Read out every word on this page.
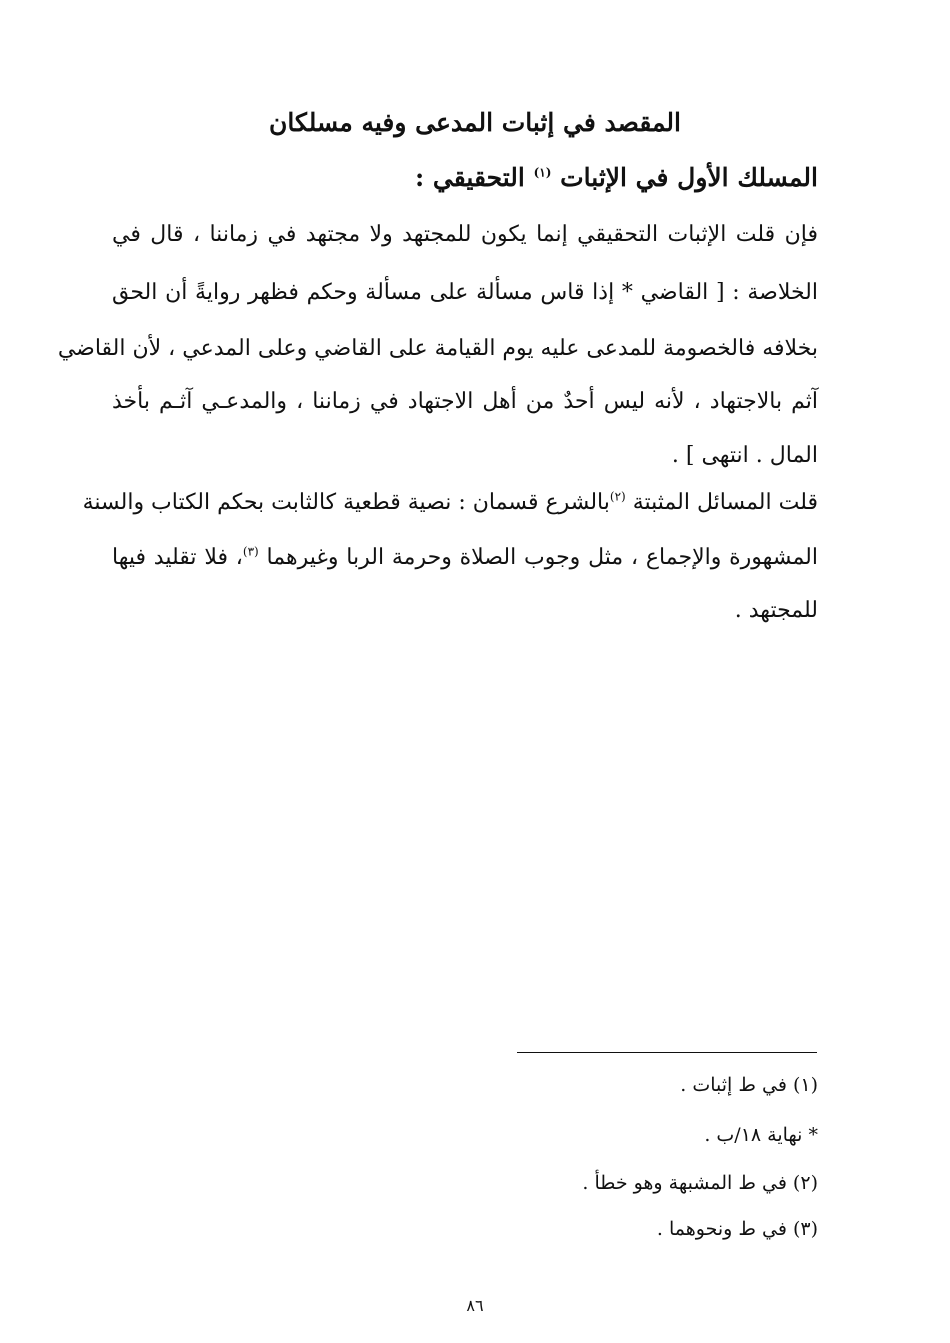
المقصد في إثبات المدعى وفيه مسلكان
المسلك الأول في الإثبات $^{(١)}$ التحقيقي :
فإن قلت الإثبات التحقيقي إنما يكون للمجتهد ولا مجتهد في زماننا ، قال في
الخلاصة : [ القاضي * إذا قاس مسألة على مسألة وحكم فظهر روايةً أن الحق
بخلافه فالخصومة للمدعى عليه يوم القيامة على القاضي وعلى المدعي ، لأن القاضي
آثم بالاجتهاد ، لأنه ليس أحدٌ من أهل الاجتهاد في زماننا ، والمدعـي آثـم بأخذ
المال . انتهى ] .
قلت المسائل المثبتة $^{(٢)}$بالشرع قسمان : نصية قطعية كالثابت بحكم الكتاب والسنة
المشهورة والإجماع ، مثل وجوب الصلاة وحرمة الربا وغيرهما $^{(٣)}$، فلا تقليد فيها
للمجتهد .
(١) في ط إثبات .
* نهاية ١٨/ب .
(٢) في ط المشبهة وهو خطأ .
(٣) في ط ونحوهما .
٨٦
